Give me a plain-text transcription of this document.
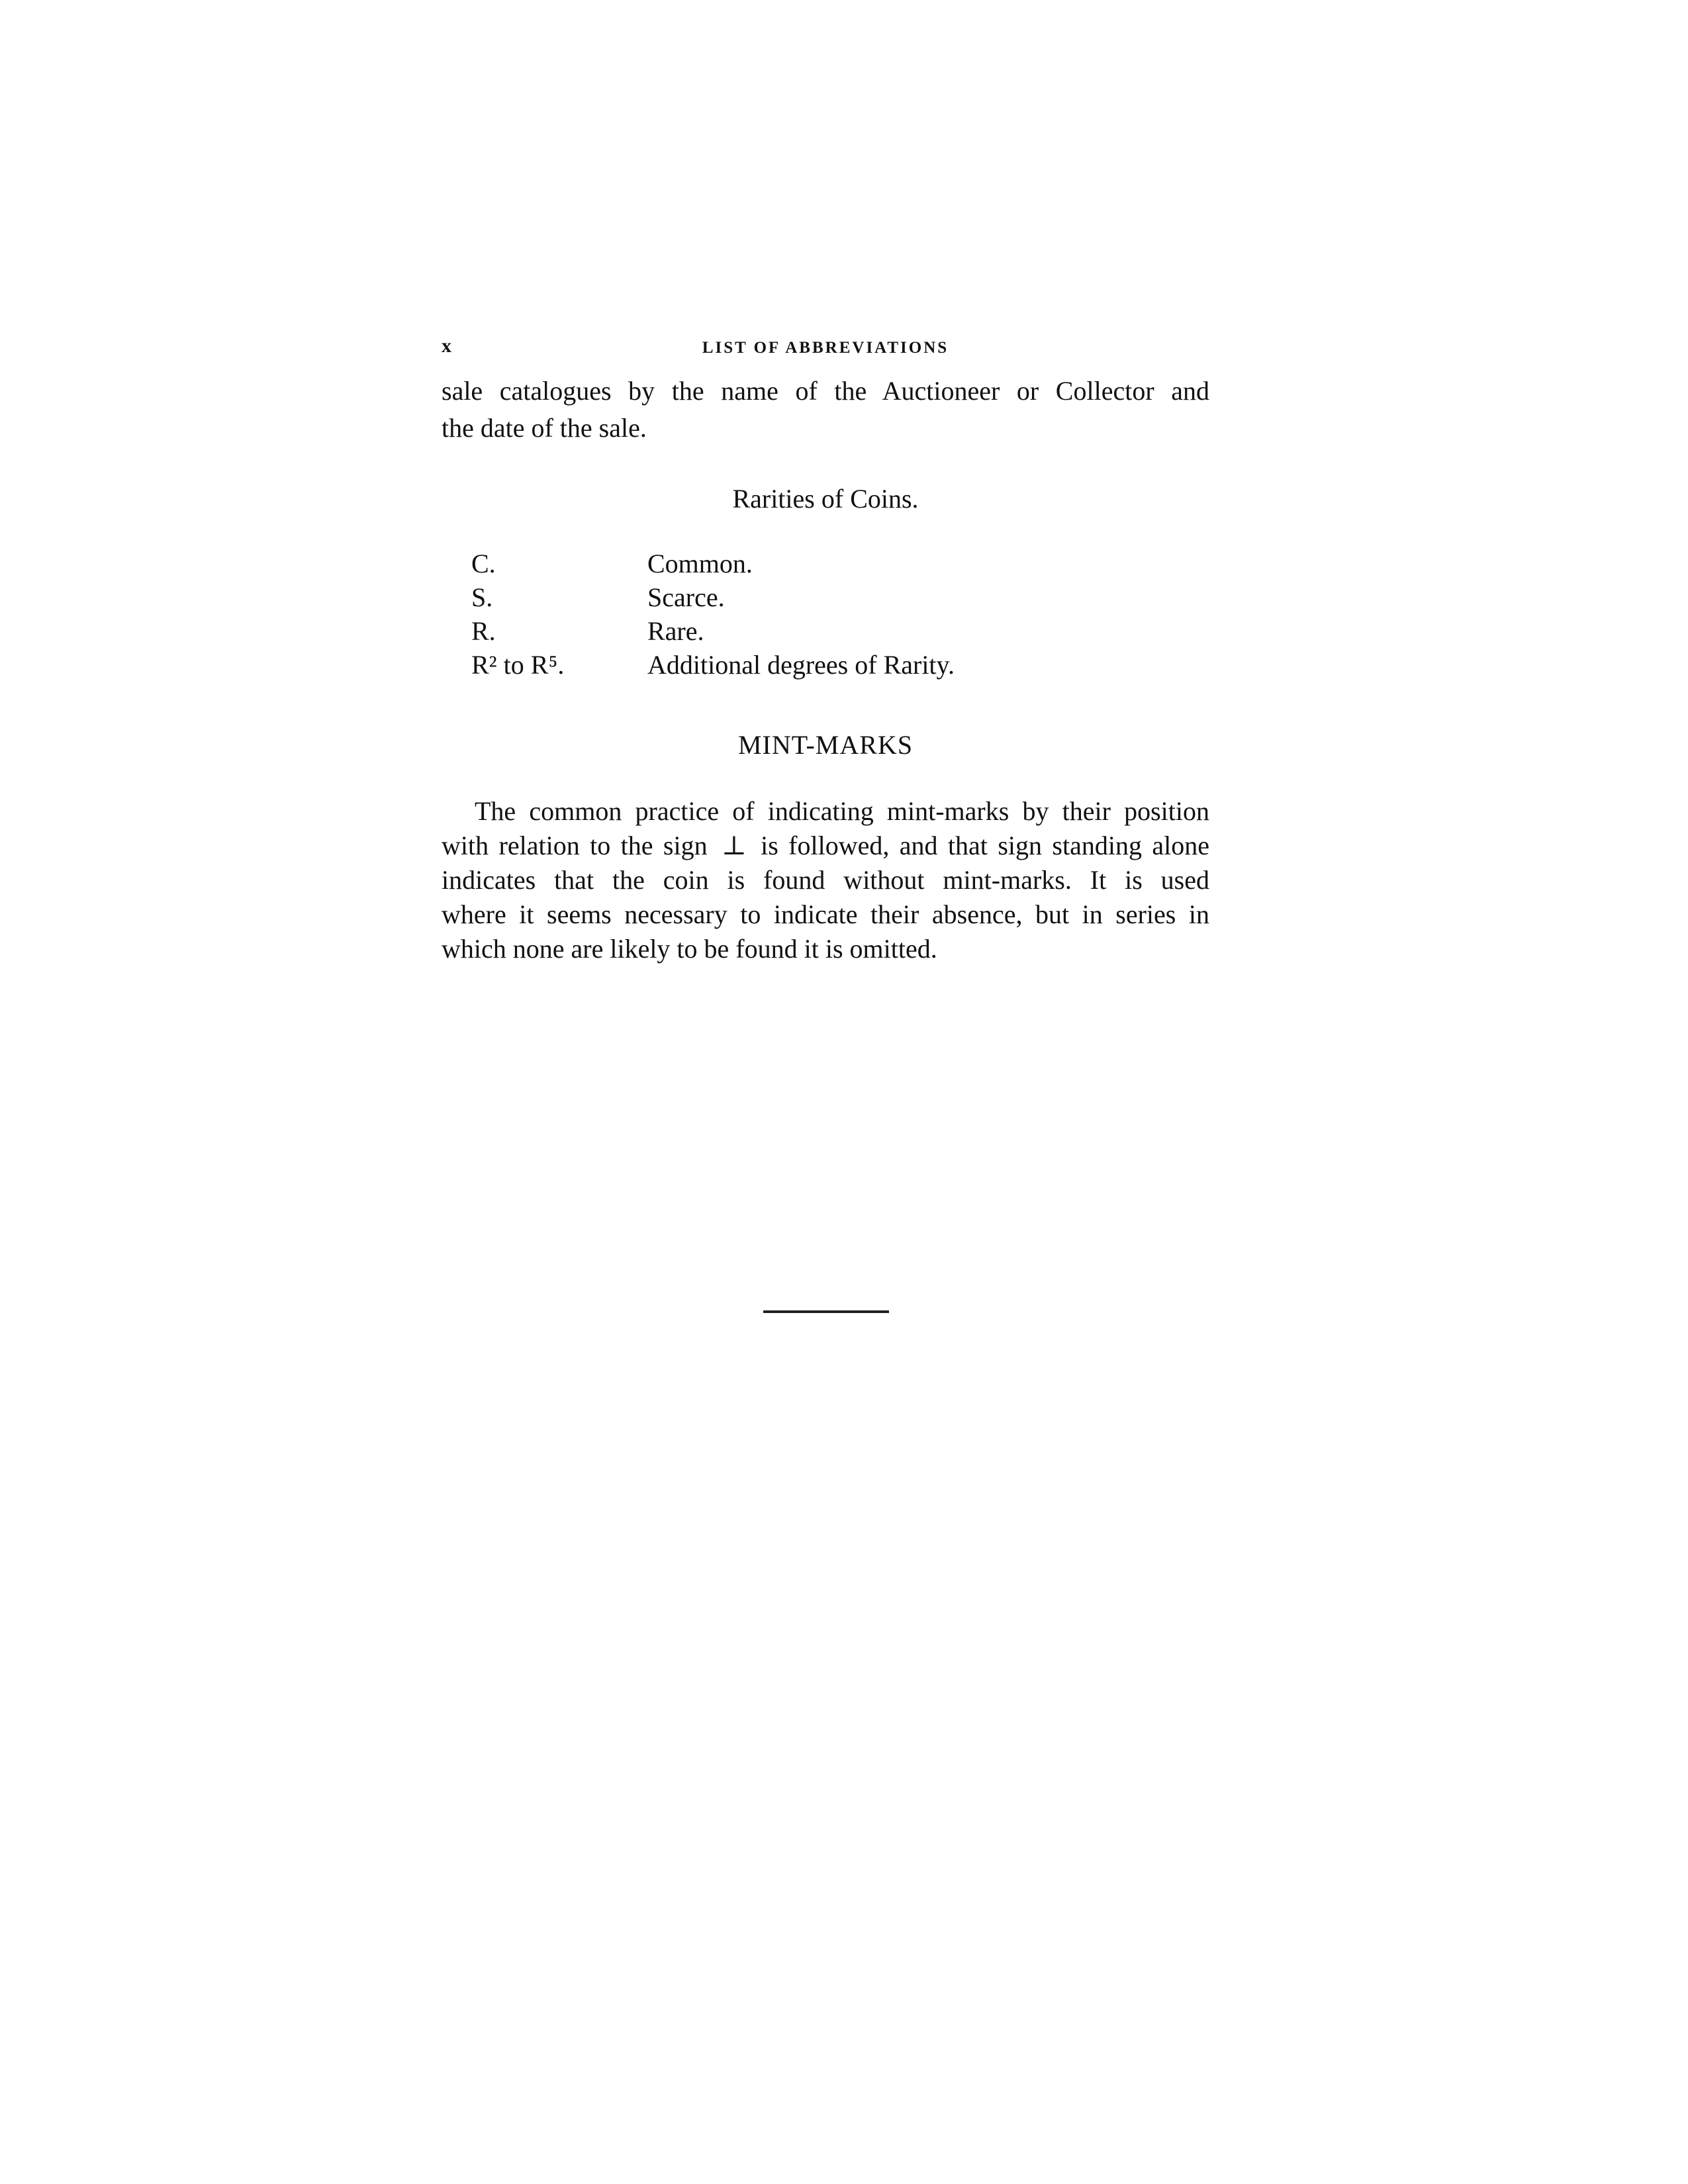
x	LIST OF ABBREVIATIONS
sale catalogues by the name of the Auctioneer or Collector and
the date of the sale.
Rarities of Coins.
C.	Common.
S.	Scarce.
R.	Rare.
R² to R⁵.	Additional degrees of Rarity.
MINT-MARKS
The common practice of indicating mint-marks by their position
with relation to the sign ⊥ is followed, and that sign standing alone
indicates that the coin is found without mint-marks. It is used
where it seems necessary to indicate their absence, but in series in
which none are likely to be found it is omitted.
